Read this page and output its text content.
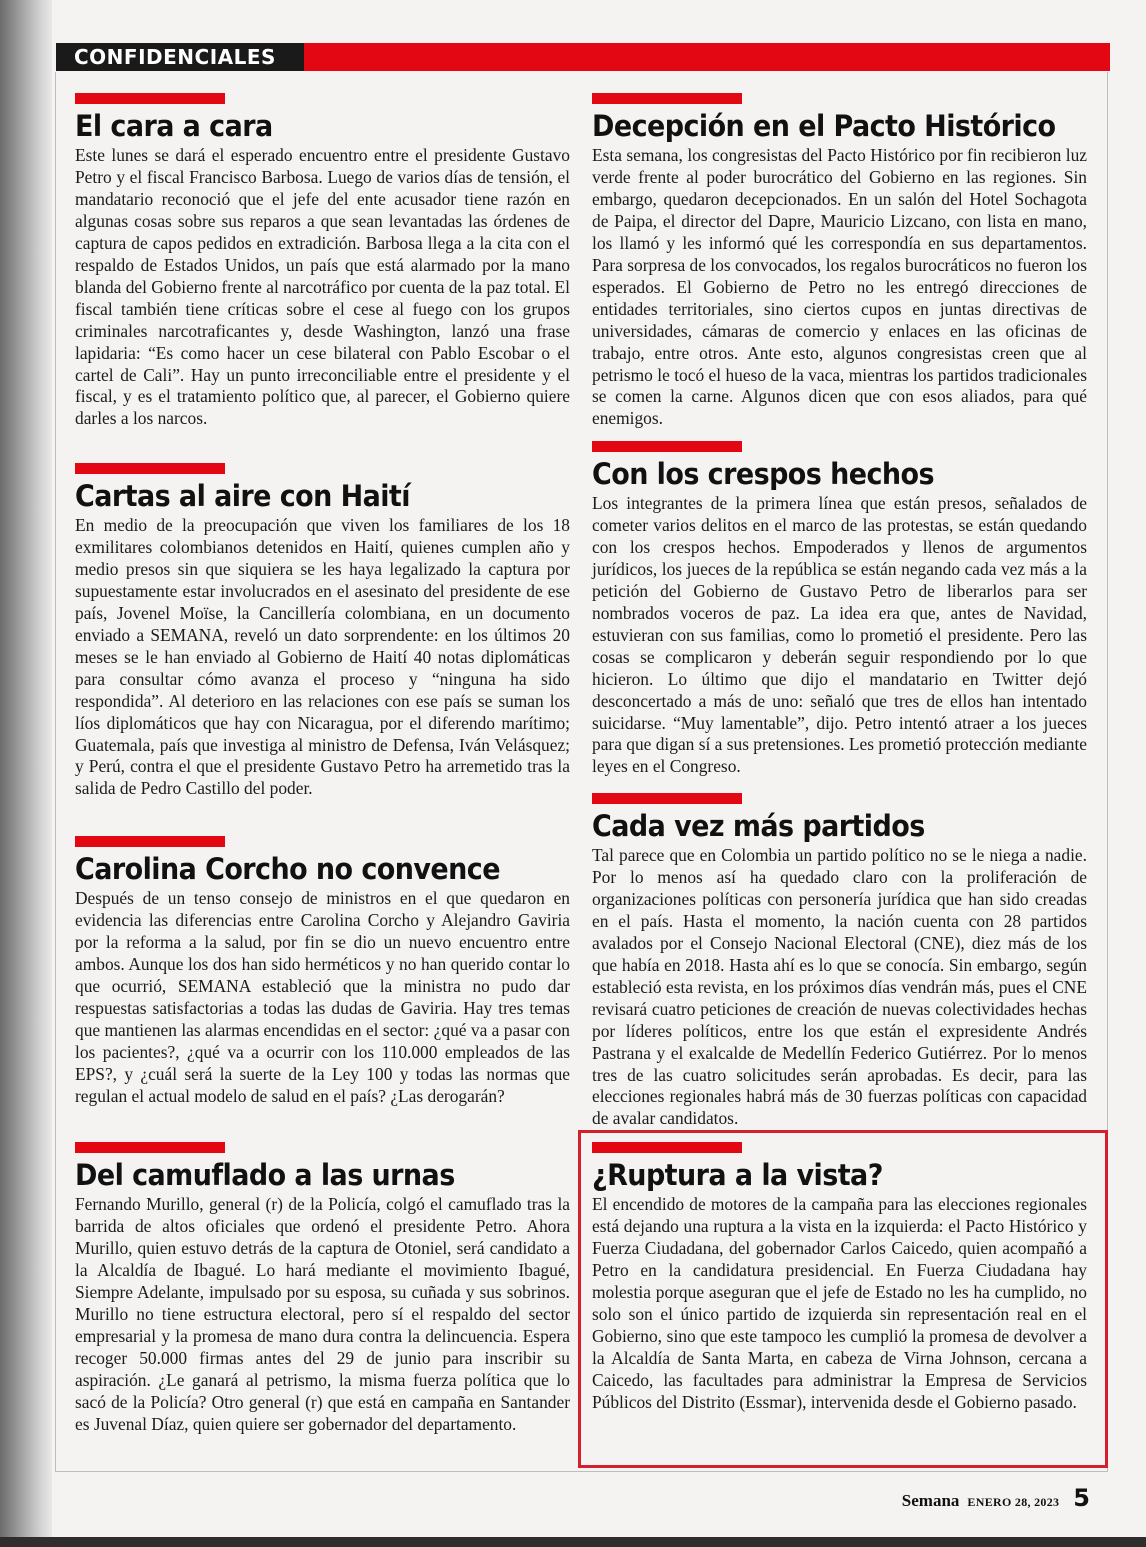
CONFIDENCIALES
El cara a cara

Este lunes se dará el esperado encuentro entre el presidente Gustavo Petro y el fiscal Francisco Barbosa. Luego de varios días de tensión, el mandatario reconoció que el jefe del ente acusador tiene razón en algunas cosas sobre sus reparos a que sean levantadas las órdenes de captura de capos pedidos en extradición. Barbosa llega a la cita con el respaldo de Estados Unidos, un país que está alarmado por la mano blanda del Gobierno frente al narcotráfico por cuenta de la paz total. El fiscal también tiene críticas sobre el cese al fuego con los grupos criminales narcotraficantes y, desde Washington, lanzó una frase lapidaria: “Es como hacer un cese bilateral con Pablo Escobar o el cartel de Cali”. Hay un punto irreconciliable entre el presidente y el fiscal, y es el tratamiento político que, al parecer, el Gobierno quiere darles a los narcos.

Cartas al aire con Haití

En medio de la preocupación que viven los familiares de los 18 exmilitares colombianos detenidos en Haití, quienes cumplen año y medio presos sin que siquiera se les haya legalizado la captura por supuestamente estar involucrados en el asesinato del presidente de ese país, Jovenel Moïse, la Cancillería colombiana, en un documento enviado a SEMANA, reveló un dato sorprendente: en los últimos 20 meses se le han enviado al Gobierno de Haití 40 notas diplomáticas para consultar cómo avanza el proceso y “ninguna ha sido respondida”. Al deterioro en las relaciones con ese país se suman los líos diplomáticos que hay con Nicaragua, por el diferendo marítimo; Guatemala, país que investiga al ministro de Defensa, Iván Velásquez; y Perú, contra el que el presidente Gustavo Petro ha arremetido tras la salida de Pedro Castillo del poder.

Carolina Corcho no convence

Después de un tenso consejo de ministros en el que quedaron en evidencia las diferencias entre Carolina Corcho y Alejandro Gaviria por la reforma a la salud, por fin se dio un nuevo encuentro entre ambos. Aunque los dos han sido herméticos y no han querido contar lo que ocurrió, SEMANA estableció que la ministra no pudo dar respuestas satisfactorias a todas las dudas de Gaviria. Hay tres temas que mantienen las alarmas encendidas en el sector: ¿qué va a pasar con los pacientes?, ¿qué va a ocurrir con los 110.000 empleados de las EPS?, y ¿cuál será la suerte de la Ley 100 y todas las normas que regulan el actual modelo de salud en el país? ¿Las derogarán?

Del camuflado a las urnas

Fernando Murillo, general (r) de la Policía, colgó el camuflado tras la barrida de altos oficiales que ordenó el presidente Petro. Ahora Murillo, quien estuvo detrás de la captura de Otoniel, será candidato a la Alcaldía de Ibagué. Lo hará mediante el movimiento Ibagué, Siempre Adelante, impulsado por su esposa, su cuñada y sus sobrinos. Murillo no tiene estructura electoral, pero sí el respaldo del sector empresarial y la promesa de mano dura contra la delincuencia. Espera recoger 50.000 firmas antes del 29 de junio para inscribir su aspiración. ¿Le ganará al petrismo, la misma fuerza política que lo sacó de la Policía? Otro general (r) que está en campaña en Santander es Juvenal Díaz, quien quiere ser gobernador del departamento.

Decepción en el Pacto Histórico

Esta semana, los congresistas del Pacto Histórico por fin recibieron luz verde frente al poder burocrático del Gobierno en las regiones. Sin embargo, quedaron decepcionados. En un salón del Hotel Sochagota de Paipa, el director del Dapre, Mauricio Lizcano, con lista en mano, los llamó y les informó qué les correspondía en sus departamentos. Para sorpresa de los convocados, los regalos burocráticos no fueron los esperados. El Gobierno de Petro no les entregó direcciones de entidades territoriales, sino ciertos cupos en juntas directivas de universidades, cámaras de comercio y enlaces en las oficinas de trabajo, entre otros. Ante esto, algunos congresistas creen que al petrismo le tocó el hueso de la vaca, mientras los partidos tradicionales se comen la carne. Algunos dicen que con esos aliados, para qué enemigos.

Con los crespos hechos

Los integrantes de la primera línea que están presos, señalados de cometer varios delitos en el marco de las protestas, se están quedando con los crespos hechos. Empoderados y llenos de argumentos jurídicos, los jueces de la república se están negando cada vez más a la petición del Gobierno de Gustavo Petro de liberarlos para ser nombrados voceros de paz. La idea era que, antes de Navidad, estuvieran con sus familias, como lo prometió el presidente. Pero las cosas se complicaron y deberán seguir respondiendo por lo que hicieron. Lo último que dijo el mandatario en Twitter dejó desconcertado a más de uno: señaló que tres de ellos han intentado suicidarse. “Muy lamentable”, dijo. Petro intentó atraer a los jueces para que digan sí a sus pretensiones. Les prometió protección mediante leyes en el Congreso.

Cada vez más partidos

Tal parece que en Colombia un partido político no se le niega a nadie. Por lo menos así ha quedado claro con la proliferación de organizaciones políticas con personería jurídica que han sido creadas en el país. Hasta el momento, la nación cuenta con 28 partidos avalados por el Consejo Nacional Electoral (CNE), diez más de los que había en 2018. Hasta ahí es lo que se conocía. Sin embargo, según estableció esta revista, en los próximos días vendrán más, pues el CNE revisará cuatro peticiones de creación de nuevas colectividades hechas por líderes políticos, entre los que están el expresidente Andrés Pastrana y el exalcalde de Medellín Federico Gutiérrez. Por lo menos tres de las cuatro solicitudes serán aprobadas. Es decir, para las elecciones regionales habrá más de 30 fuerzas políticas con capacidad de avalar candidatos.

¿Ruptura a la vista?

El encendido de motores de la campaña para las elecciones regionales está dejando una ruptura a la vista en la izquierda: el Pacto Histórico y Fuerza Ciudadana, del gobernador Carlos Caicedo, quien acompañó a Petro en la candidatura presidencial. En Fuerza Ciudadana hay molestia porque aseguran que el jefe de Estado no les ha cumplido, no solo son el único partido de izquierda sin representación real en el Gobierno, sino que este tampoco les cumplió la promesa de devolver a la Alcaldía de Santa Marta, en cabeza de Virna Johnson, cercana a Caicedo, las facultades para administrar la Empresa de Servicios Públicos del Distrito (Essmar), intervenida desde el Gobierno pasado.

Semana ENERO 28, 2023 5
